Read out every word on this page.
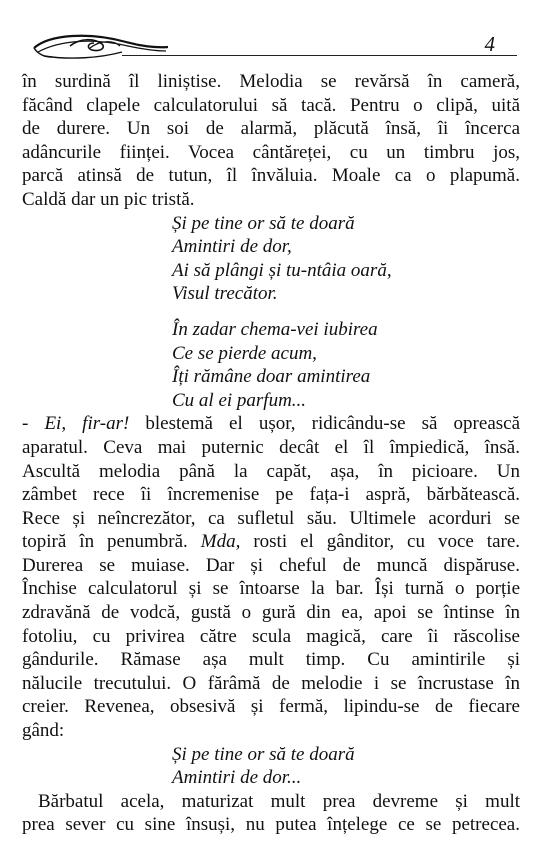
4

în surdină îl liniștise. Melodia se revărsă în cameră,
făcând clapele calculatorului să tacă. Pentru o clipă, uită
de durere. Un soi de alarmă, plăcută însă, îi încerca
adâncurile ființei. Vocea cântăreței, cu un timbru jos,
parcă atinsă de tutun, îl învăluia. Moale ca o plapumă.
Caldă dar un pic tristă.

Și pe tine or să te doară
Amintiri de dor,
Ai să plângi și tu-ntâia oară,
Visul trecător.
În zadar chema-vei iubirea
Ce se pierde acum,
Îți rămâne doar amintirea
Cu al ei parfum...

- Ei, fir-ar! blestemă el ușor, ridicându-se să oprească
aparatul. Ceva mai puternic decât el îl împiedică, însă.
Ascultă melodia până la capăt, așa, în picioare. Un
zâmbet rece îi încremenise pe fața-i aspră, bărbătească.
Rece și neîncrezător, ca sufletul său. Ultimele acorduri se
topiră în penumbră. Mda, rosti el gânditor, cu voce tare.
Durerea se muiase. Dar și cheful de muncă dispăruse.
Închise calculatorul și se întoarse la bar. Își turnă o porție
zdravănă de vodcă, gustă o gură din ea, apoi se întinse în
fotoliu, cu privirea către scula magică, care îi răscolise
gândurile. Rămase așa mult timp. Cu amintirile și
nălucile trecutului. O fărâmă de melodie i se încrustase în
creier. Revenea, obsesivă și fermă, lipindu-se de fiecare
gând:

Și pe tine or să te doară
Amintiri de dor...

Bărbatul acela, maturizat mult prea devreme și mult
prea sever cu sine însuși, nu putea înțelege ce se petrecea.
